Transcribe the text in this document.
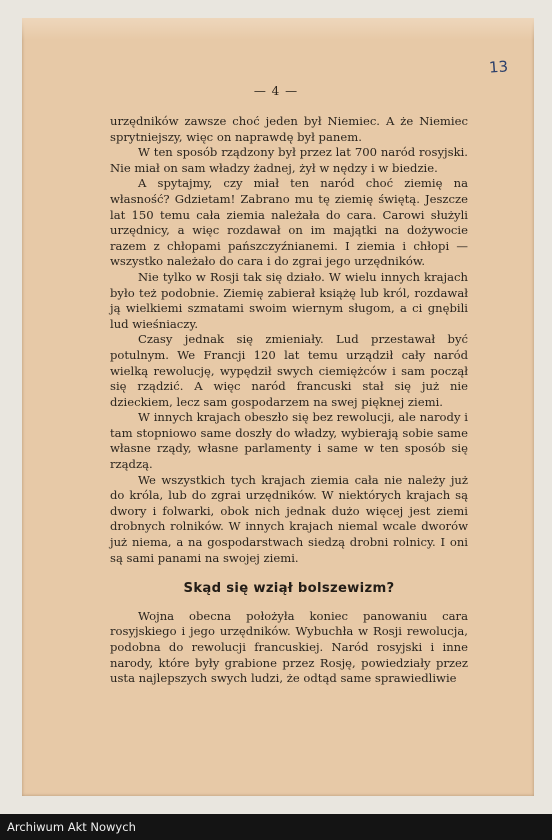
13
— 4 —

urzędników zawsze choć jeden był Niemiec. A że Niemiec sprytniejszy, więc on naprawdę był panem.

W ten sposób rządzony był przez lat 700 naród rosyjski. Nie miał on sam władzy żadnej, żył w nędzy i w biedzie.

A spytajmy, czy miał ten naród choć ziemię na własność? Gdzietam! Zabrano mu tę ziemię świętą. Jeszcze lat 150 temu cała ziemia należała do cara. Carowi służyli urzędnicy, a więc rozdawał on im majątki na dożywocie razem z chłopami pańszczyźnianemi. I ziemia i chłopi — wszystko należało do cara i do zgrai jego urzędników.

Nie tylko w Rosji tak się działo. W wielu innych krajach było też podobnie. Ziemię zabierał książę lub król, rozdawał ją wielkiemi szmatami swoim wiernym sługom, a ci gnębili lud wieśniaczy.

Czasy jednak się zmieniały. Lud przestawał być potulnym. We Francji 120 lat temu urządził cały naród wielką rewolucję, wypędził swych ciemiężców i sam począł się rządzić. A więc naród francuski stał się już nie dzieckiem, lecz sam gospodarzem na swej pięknej ziemi.

W innych krajach obeszło się bez rewolucji, ale narody i tam stopniowo same doszły do władzy, wybierają sobie same własne rządy, własne parlamenty i same w ten sposób się rządzą.

We wszystkich tych krajach ziemia cała nie należy już do króla, lub do zgrai urzędników. W niektórych krajach są dwory i folwarki, obok nich jednak dużo więcej jest ziemi drobnych rolników. W innych krajach niemal wcale dworów już niema, a na gospodarstwach siedzą drobni rolnicy. I oni są sami panami na swojej ziemi.

Skąd się wziął bolszewizm?

Wojna obecna położyła koniec panowaniu cara rosyjskiego i jego urzędników. Wybuchła w Rosji rewolucja, podobna do rewolucji francuskiej. Naród rosyjski i inne narody, które były grabione przez Rosję, powiedziały przez usta najlepszych swych ludzi, że odtąd same sprawiedliwie

Archiwum Akt Nowych
